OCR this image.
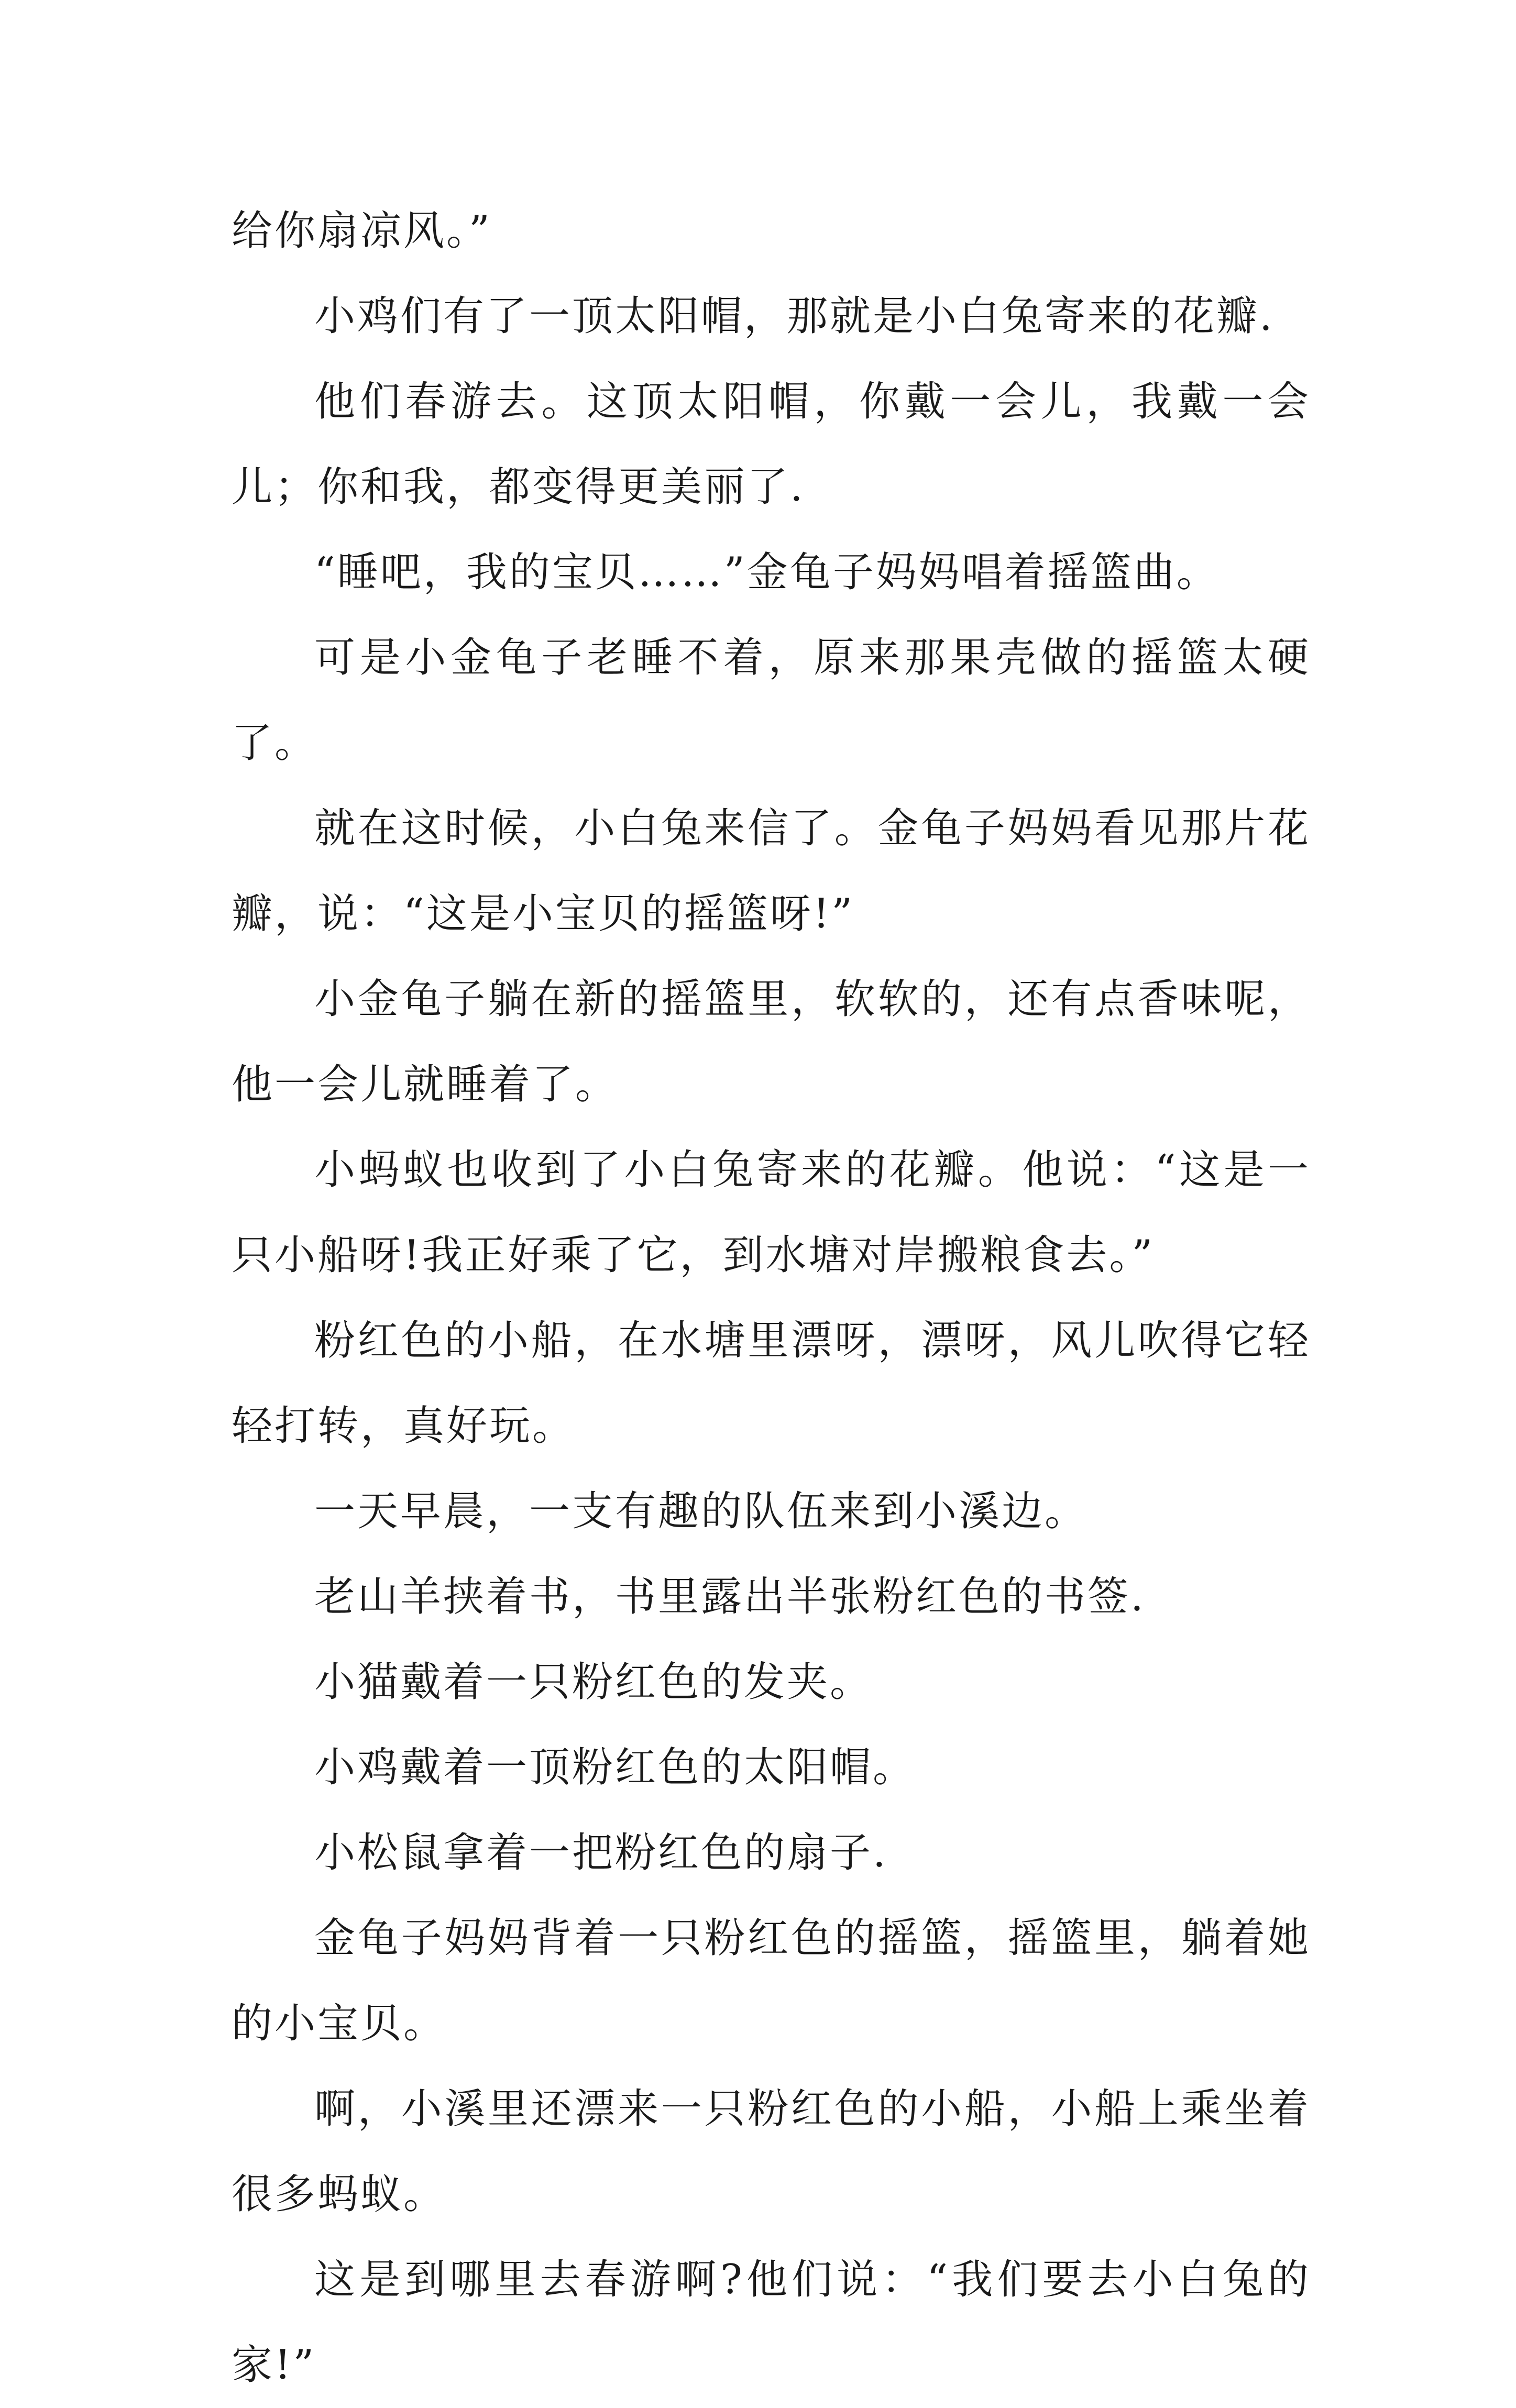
给你扇凉风。”

小鸡们有了一顶太阳帽，那就是小白兔寄来的花瓣.

他们春游去。这顶太阳帽，你戴一会儿，我戴一会儿；你和我，都变得更美丽了.

“睡吧，我的宝贝……”金龟子妈妈唱着摇篮曲。

可是小金龟子老睡不着，原来那果壳做的摇篮太硬了。

就在这时候，小白兔来信了。金龟子妈妈看见那片花瓣，说：“这是小宝贝的摇篮呀!”

小金龟子躺在新的摇篮里，软软的，还有点香味呢，他一会儿就睡着了。

小蚂蚁也收到了小白兔寄来的花瓣。他说：“这是一只小船呀!我正好乘了它，到水塘对岸搬粮食去。”

粉红色的小船，在水塘里漂呀，漂呀，风儿吹得它轻轻打转，真好玩。

一天早晨，一支有趣的队伍来到小溪边。

老山羊挟着书，书里露出半张粉红色的书签.

小猫戴着一只粉红色的发夹。

小鸡戴着一顶粉红色的太阳帽。

小松鼠拿着一把粉红色的扇子.

金龟子妈妈背着一只粉红色的摇篮，摇篮里，躺着她的小宝贝。

啊，小溪里还漂来一只粉红色的小船，小船上乘坐着很多蚂蚁。

这是到哪里去春游啊?他们说：“我们要去小白兔的家!”
